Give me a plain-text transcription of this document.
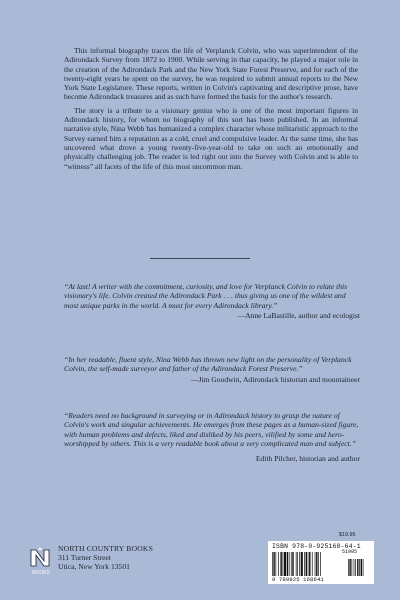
This informal biography traces the life of Verplanck Colvin, who was superintendent of the Adirondack Survey from 1872 to 1900. While serving in that capacity, he played a major role in the creation of the Adirondack Park and the New York State Forest Preserve, and for each of the twenty-eight years he spent on the survey, he was required to submit annual reports to the New York State Legislature. These reports, written in Colvin's captivating and descriptive prose, have become Adirondack treasures and as such have formed the basis for the author's research.

The story is a tribute to a visionary genius who is one of the most important figures in Adirondack history, for whom no biography of this sort has been published. In an informal narrative style, Nina Webb has humanized a complex character whose militaristic approach to the Survey earned him a reputation as a cold, cruel and compulsive leader. At the same time, she has uncovered what drove a young twenty-five-year-old to take on such an emotionally and physically challenging job. The reader is led right out into the Survey with Colvin and is able to “witness” all facets of the life of this most uncommon man.

“At last! A writer with the commitment, curiosity, and love for Verplanck Colvin to relate this visionary's life. Colvin created the Adirondack Park . . . thus giving us one of the wildest and most unique parks in the world. A must for every Adirondack library.”

—Anne LaBastille, author and ecologist

“In her readable, fluent style, Nina Webb has thrown new light on the personality of Verplanck Colvin, the self-made surveyor and father of the Adirondack Forest Preserve.”

—Jim Goodwin, Adirondack historian and mountaineer

“Readers need no background in surveying or in Adirondack history to grasp the nature of Colvin's work and singular achievements. He emerges from these pages as a human-sized figure, with human problems and defects, liked and disliked by his peers, vilified by some and hero-worshipped by others. This is a very readable book about a very complicated man and subject.”

Edith Pilcher, historian and author

BOOKS
NORTH COUNTRY BOOKS
311 Turner Street
Utica, New York 13501
$19.95
ISBN 978-0-925168-64-1
51995
9 780925 168641
